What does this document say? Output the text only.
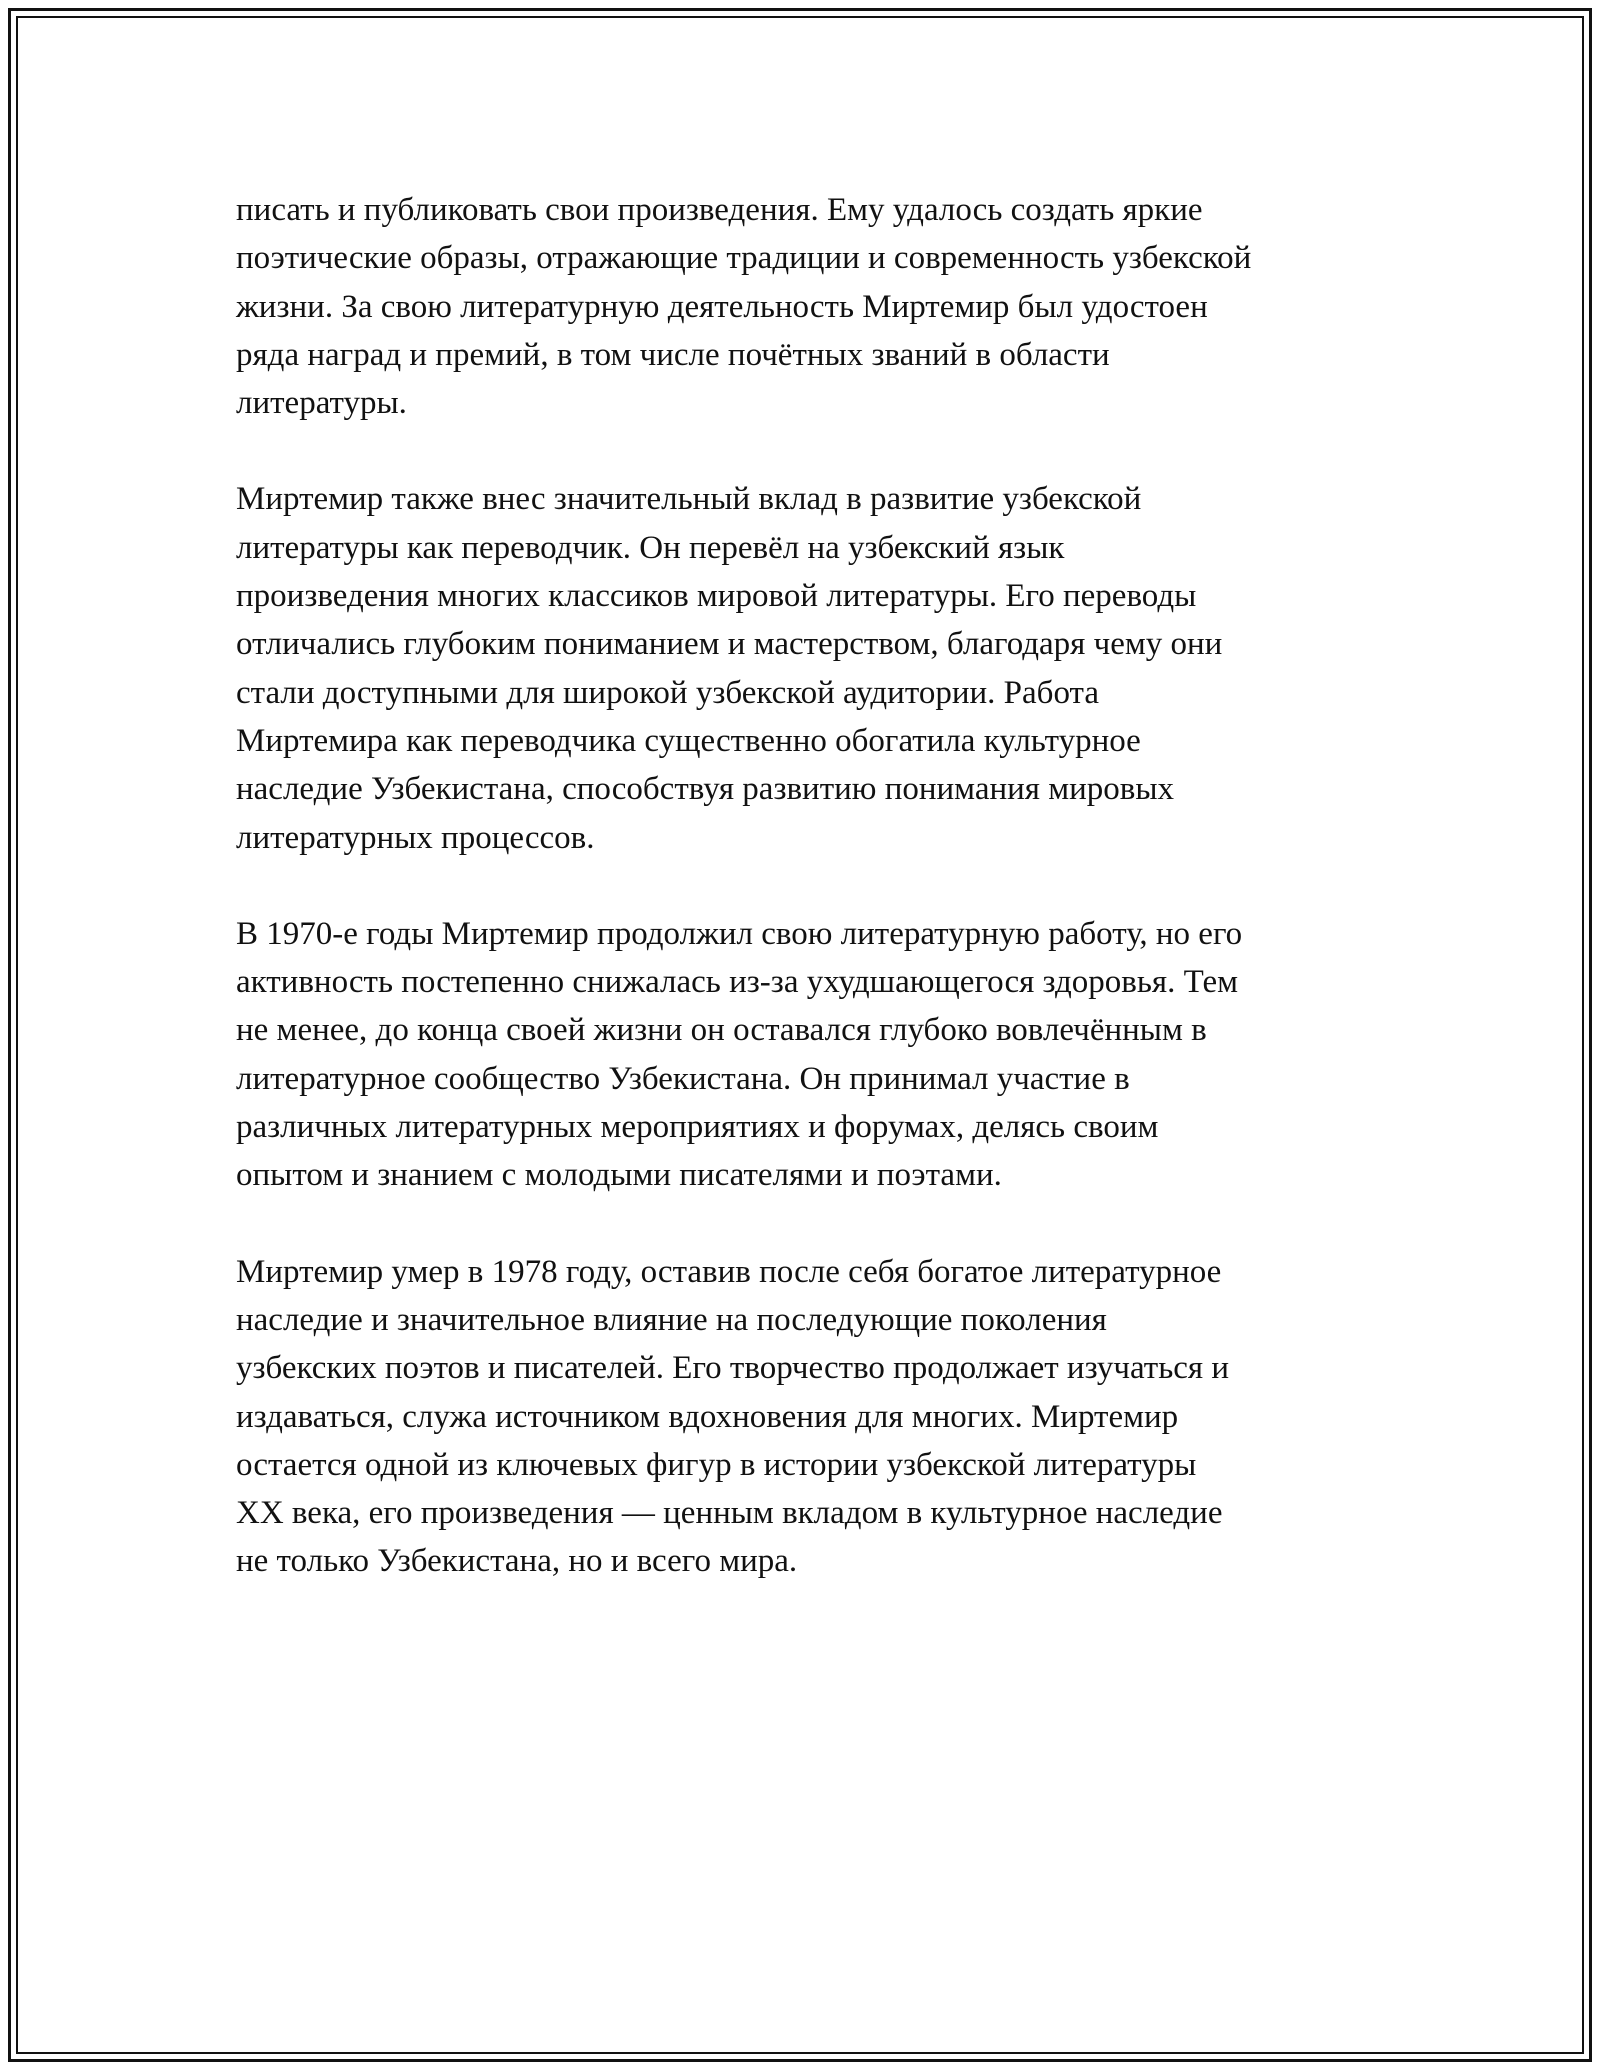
писать и публиковать свои произведения. Ему удалось создать яркие
поэтические образы, отражающие традиции и современность узбекской
жизни. За свою литературную деятельность Миртемир был удостоен
ряда наград и премий, в том числе почётных званий в области
литературы.

Миртемир также внес значительный вклад в развитие узбекской
литературы как переводчик. Он перевёл на узбекский язык
произведения многих классиков мировой литературы. Его переводы
отличались глубоким пониманием и мастерством, благодаря чему они
стали доступными для широкой узбекской аудитории. Работа
Миртемира как переводчика существенно обогатила культурное
наследие Узбекистана, способствуя развитию понимания мировых
литературных процессов.

В 1970-е годы Миртемир продолжил свою литературную работу, но его
активность постепенно снижалась из-за ухудшающегося здоровья. Тем
не менее, до конца своей жизни он оставался глубоко вовлечённым в
литературное сообщество Узбекистана. Он принимал участие в
различных литературных мероприятиях и форумах, делясь своим
опытом и знанием с молодыми писателями и поэтами.

Миртемир умер в 1978 году, оставив после себя богатое литературное
наследие и значительное влияние на последующие поколения
узбекских поэтов и писателей. Его творчество продолжает изучаться и
издаваться, служа источником вдохновения для многих. Миртемир
остается одной из ключевых фигур в истории узбекской литературы
XX века, его произведения — ценным вкладом в культурное наследие
не только Узбекистана, но и всего мира.
